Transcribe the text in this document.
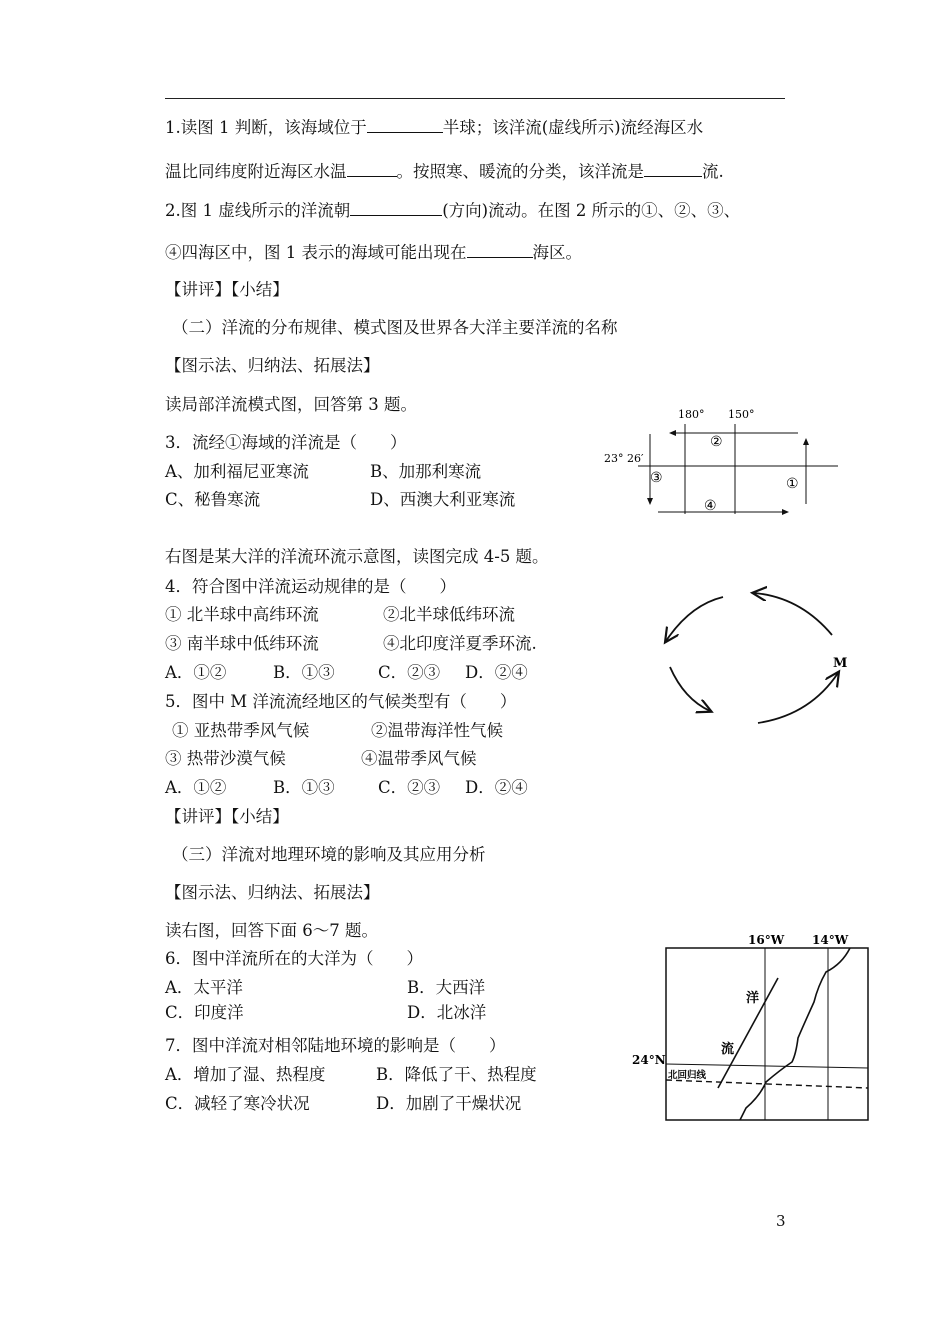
1.读图 1 判断，该海域位于	半球；该洋流(虚线所示)流经海区水
温比同纬度附近海区水温	。按照寒、暖流的分类，该洋流是	流.
2.图 1 虚线所示的洋流朝	(方向)流动。在图 2 所示的①、②、③、
④四海区中，图 1 表示的海域可能出现在	海区。
【讲评】【小结】
（二）洋流的分布规律、模式图及世界各大洋主要洋流的名称
【图示法、归纳法、拓展法】
读局部洋流模式图，回答第 3 题。
3．流经①海域的洋流是（　　）
A、加利福尼亚寒流	B、加那利寒流
C、秘鲁寒流	D、西澳大利亚寒流
180° 150°
23° 26′
②
③	①
④
右图是某大洋的洋流环流示意图，读图完成 4-5 题。
4．符合图中洋流运动规律的是（　　）
① 北半球中高纬环流	②北半球低纬环流
③ 南半球中低纬环流	④北印度洋夏季环流.
A．①②	B．①③	C．②③ D．②④	M
5．图中 M 洋流流经地区的气候类型有（　　）
① 亚热带季风气候	②温带海洋性气候
③ 热带沙漠气候	④温带季风气候
A．①②	B．①③	C．②③ D．②④
【讲评】【小结】
（三）洋流对地理环境的影响及其应用分析
【图示法、归纳法、拓展法】
读右图，回答下面 6～7 题。
6．图中洋流所在的大洋为（　　）
A．太平洋	B．大西洋
C．印度洋	D．北冰洋
7．图中洋流对相邻陆地环境的影响是（　　）
A．增加了湿、热程度	B．降低了干、热程度
C．减轻了寒冷状况	D．加剧了干燥状况
16°W 14°W
24°N
北回归线
洋
流
3
